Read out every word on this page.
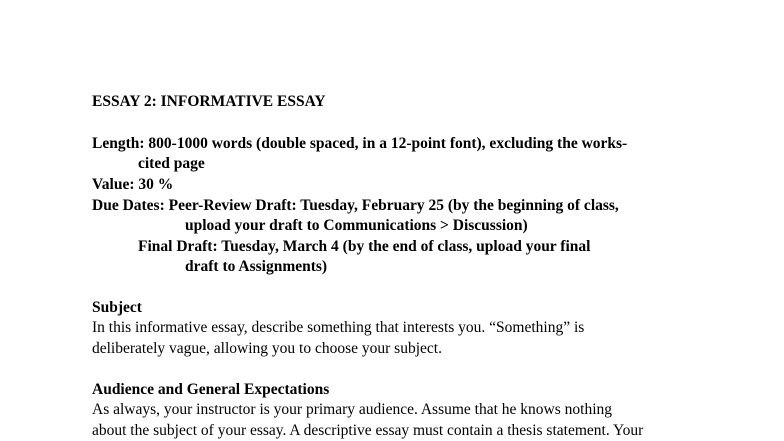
ESSAY 2: INFORMATIVE ESSAY
Length: 800-1000 words (double spaced, in a 12-point font), excluding the works-
cited page
Value: 30 %
Due Dates: Peer-Review Draft: Tuesday, February 25 (by the beginning of class,
upload your draft to Communications > Discussion)
Final Draft: Tuesday, March 4 (by the end of class, upload your final
draft to Assignments)
Subject
In this informative essay, describe something that interests you. “Something” is
deliberately vague, allowing you to choose your subject.
Audience and General Expectations
As always, your instructor is your primary audience. Assume that he knows nothing
about the subject of your essay. A descriptive essay must contain a thesis statement. Your
